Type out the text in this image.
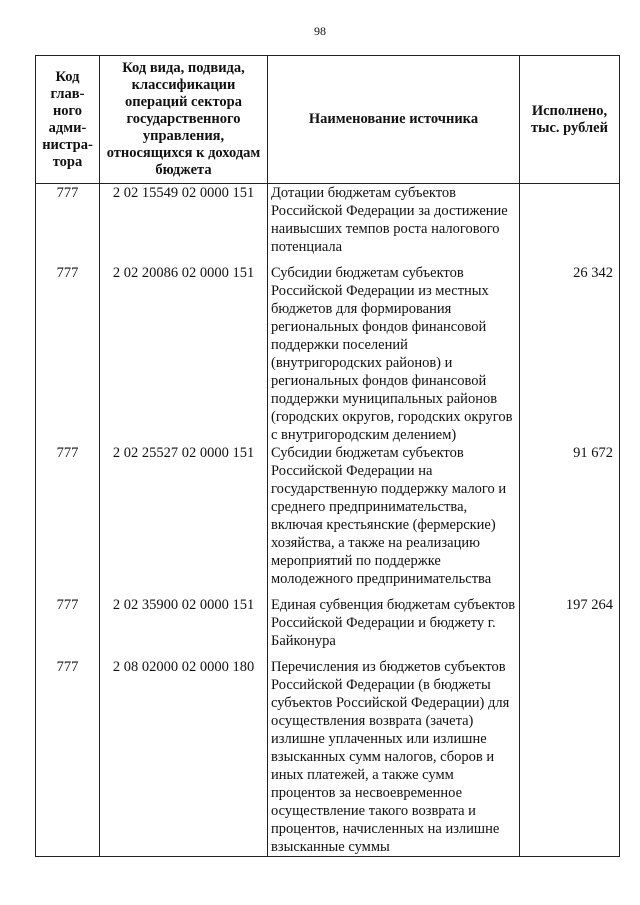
98
Код глав-ного адми-нистра-тора	Код вида, подвида, классификации операций сектора государственного управления, относящихся к доходам бюджета	Наименование источника	Исполнено, тыс. рублей
777	2 02 15549 02 0000 151	Дотации бюджетам субъектов Российской Федерации за достижение наивысших темпов роста налогового потенциала	

777	2 02 20086 02 0000 151	Субсидии бюджетам субъектов Российской Федерации из местных бюджетов для формирования региональных фондов финансовой поддержки поселений (внутригородских районов) и региональных фондов финансовой поддержки муниципальных районов (городских округов, городских округов с внутригородским делением)	26 342
777	2 02 25527 02 0000 151	Субсидии бюджетам субъектов Российской Федерации на государственную поддержку малого и среднего предпринимательства, включая крестьянские (фермерские) хозяйства, а также на реализацию мероприятий по поддержке молодежного предпринимательства	91 672

777	2 02 35900 02 0000 151	Единая субвенция бюджетам субъектов Российской Федерации и бюджету г. Байконура	197 264

777	2 08 02000 02 0000 180	Перечисления из бюджетов субъектов Российской Федерации (в бюджеты субъектов Российской Федерации) для осуществления возврата (зачета) излишне уплаченных или излишне взысканных сумм налогов, сборов и иных платежей, а также сумм процентов за несвоевременное осуществление такого возврата и процентов, начисленных на излишне взысканные суммы	
